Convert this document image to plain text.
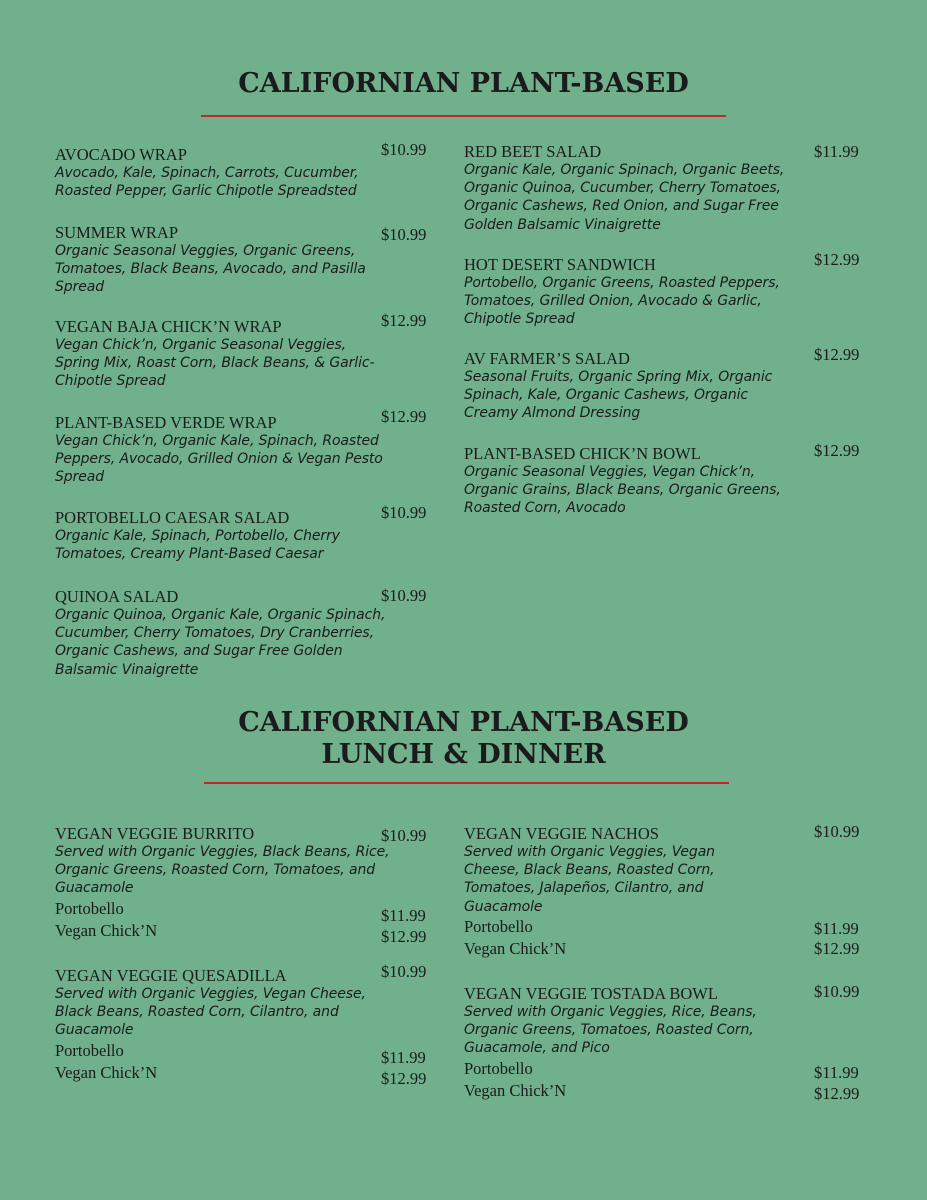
CALIFORNIAN PLANT-BASED
AVOCADO WRAP
Avocado, Kale, Spinach, Carrots, Cucumber, Roasted Pepper, Garlic Chipotle Spreadsted
$10.99
SUMMER WRAP
Organic Seasonal Veggies, Organic Greens, Tomatoes, Black Beans, Avocado, and Pasilla Spread
$10.99
VEGAN BAJA CHICK’N WRAP
Vegan Chick’n, Organic Seasonal Veggies, Spring Mix, Roast Corn, Black Beans, & Garlic-Chipotle Spread
$12.99
PLANT-BASED VERDE WRAP
Vegan Chick’n, Organic Kale, Spinach, Roasted Peppers, Avocado, Grilled Onion & Vegan Pesto Spread
$12.99
PORTOBELLO CAESAR SALAD
Organic Kale, Spinach, Portobello, Cherry Tomatoes, Creamy Plant-Based Caesar
$10.99
QUINOA SALAD
Organic Quinoa, Organic Kale, Organic Spinach, Cucumber, Cherry Tomatoes, Dry Cranberries, Organic Cashews, and Sugar Free Golden Balsamic Vinaigrette
$10.99
RED BEET SALAD
Organic Kale, Organic Spinach, Organic Beets, Organic Quinoa, Cucumber, Cherry Tomatoes, Organic Cashews, Red Onion, and Sugar Free Golden Balsamic Vinaigrette
$11.99
HOT DESERT SANDWICH
Portobello, Organic Greens, Roasted Peppers, Tomatoes, Grilled Onion, Avocado & Garlic, Chipotle Spread
$12.99
AV FARMER’S SALAD
Seasonal Fruits, Organic Spring Mix, Organic Spinach, Kale, Organic Cashews, Organic Creamy Almond Dressing
$12.99
PLANT-BASED CHICK’N BOWL
Organic Seasonal Veggies, Vegan Chick’n, Organic Grains, Black Beans, Organic Greens, Roasted Corn, Avocado
$12.99
CALIFORNIAN PLANT-BASED
LUNCH & DINNER
VEGAN VEGGIE BURRITO
Served with Organic Veggies, Black Beans, Rice, Organic Greens, Roasted Corn, Tomatoes, and Guacamole
Portobello
Vegan Chick’N
$10.99
$11.99
$12.99
VEGAN VEGGIE QUESADILLA
Served with Organic Veggies, Vegan Cheese, Black Beans, Roasted Corn, Cilantro, and Guacamole
Portobello
Vegan Chick’N
$10.99
$11.99
$12.99
VEGAN VEGGIE NACHOS
Served with Organic Veggies, Vegan Cheese, Black Beans, Roasted Corn, Tomatoes, Jalapeños, Cilantro, and Guacamole
Portobello
Vegan Chick’N
$10.99
$11.99
$12.99
VEGAN VEGGIE TOSTADA BOWL
Served with Organic Veggies, Rice, Beans, Organic Greens, Tomatoes, Roasted Corn, Guacamole, and Pico
Portobello
Vegan Chick’N
$10.99
$11.99
$12.99
